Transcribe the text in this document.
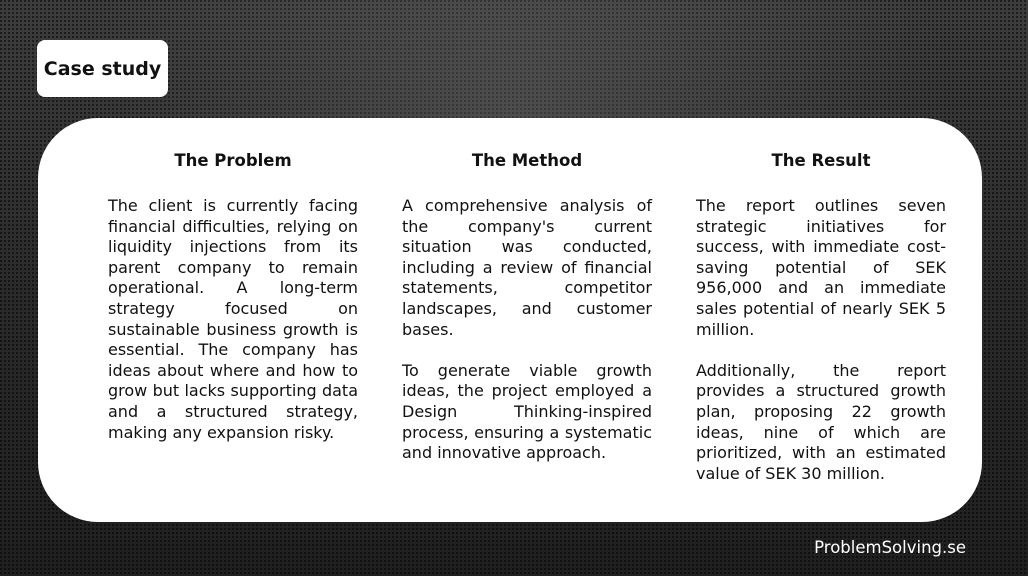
Case study
The Problem

The client is currently facing financial difficulties, relying on liquidity injections from its parent company to remain operational. A long-term strategy focused on sustainable business growth is essential. The company has ideas about where and how to grow but lacks supporting data and a structured strategy, making any expansion risky.

The Method

A comprehensive analysis of the company's current situation was conducted, including a review of financial statements, competitor landscapes, and customer bases.

To generate viable growth ideas, the project employed a Design Thinking-inspired process, ensuring a systematic and innovative approach.

The Result

The report outlines seven strategic initiatives for success, with immediate cost-saving potential of SEK 956,000 and an immediate sales potential of nearly SEK 5 million.

Additionally, the report provides a structured growth plan, proposing 22 growth ideas, nine of which are prioritized, with an estimated value of SEK 30 million.

ProblemSolving.se
